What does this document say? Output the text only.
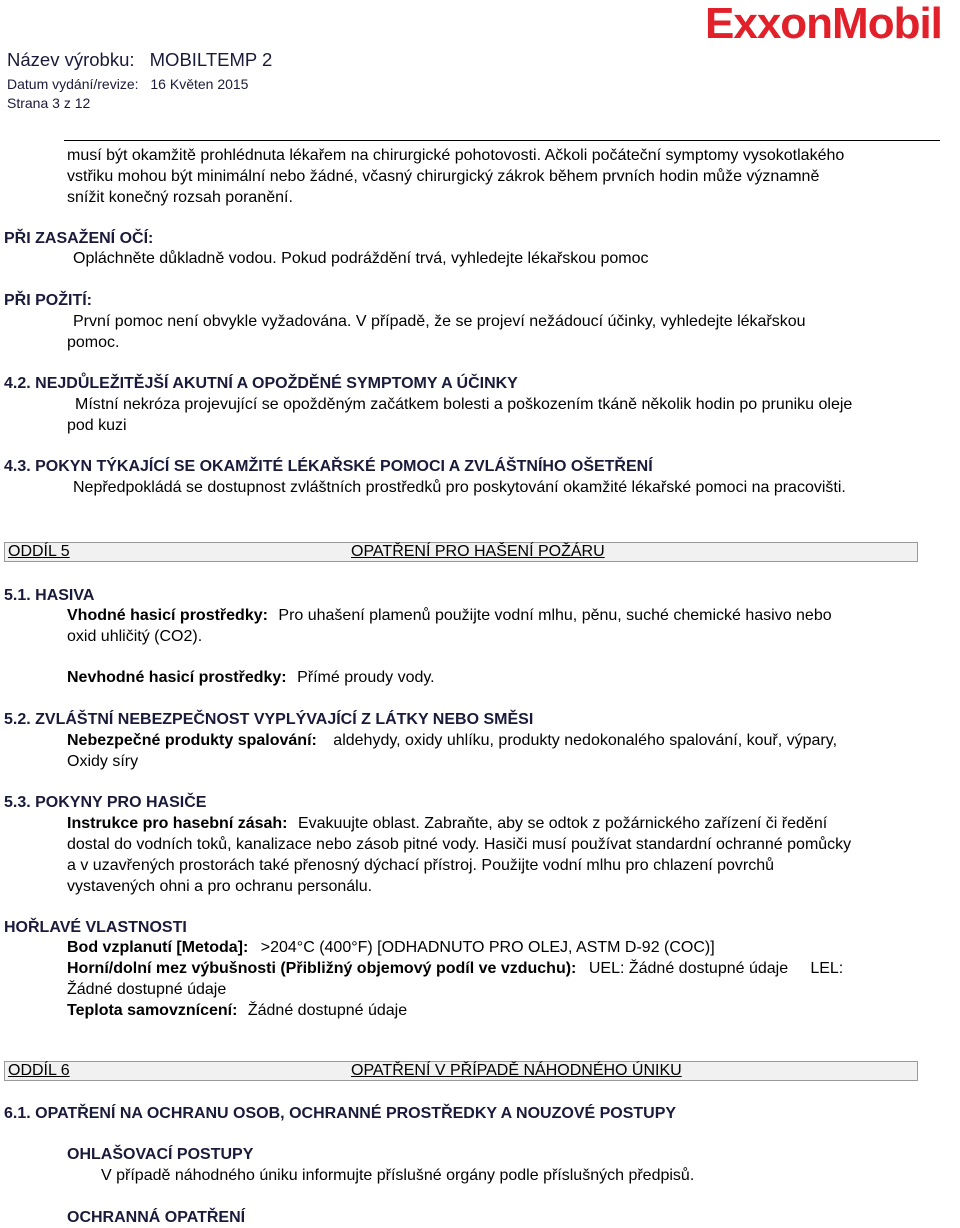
Název výrobku: MOBILTEMP 2
Datum vydání/revize: 16 Květen 2015
Strana 3 z 12
ExxonMobil
musí být okamžitě prohlédnuta lékařem na chirurgické pohotovosti. Ačkoli počáteční symptomy vysokotlakého
vstřiku mohou být minimální nebo žádné, včasný chirurgický zákrok během prvních hodin může významně
snížit konečný rozsah poranění.
PŘI ZASAŽENÍ OČÍ:
Opláchněte důkladně vodou. Pokud podráždění trvá, vyhledejte lékařskou pomoc
PŘI POŽITÍ:
První pomoc není obvykle vyžadována. V případě, že se projeví nežádoucí účinky, vyhledejte lékařskou
pomoc.
4.2. NEJDŮLEŽITĚJŠÍ AKUTNÍ A OPOŽDĚNÉ SYMPTOMY A ÚČINKY
Místní nekróza projevující se opožděným začátkem bolesti a poškozením tkáně několik hodin po pruniku oleje
pod kuzi
4.3. POKYN TÝKAJÍCÍ SE OKAMŽITÉ LÉKAŘSKÉ POMOCI A ZVLÁŠTNÍHO OŠETŘENÍ
Nepředpokládá se dostupnost zvláštních prostředků pro poskytování okamžité lékařské pomoci na pracovišti.
ODDÍL 5	OPATŘENÍ PRO HAŠENÍ POŽÁRU
5.1. HASIVA
Vhodné hasicí prostředky: Pro uhašení plamenů použijte vodní mlhu, pěnu, suché chemické hasivo nebo
oxid uhličitý (CO2).
Nevhodné hasicí prostředky: Přímé proudy vody.
5.2. ZVLÁŠTNÍ NEBEZPEČNOST VYPLÝVAJÍCÍ Z LÁTKY NEBO SMĚSI
Nebezpečné produkty spalování: aldehydy, oxidy uhlíku, produkty nedokonalého spalování, kouř, výpary,
Oxidy síry
5.3. POKYNY PRO HASIČE
Instrukce pro hasební zásah: Evakuujte oblast. Zabraňte, aby se odtok z požárnického zařízení či ředění
dostal do vodních toků, kanalizace nebo zásob pitné vody. Hasiči musí používat standardní ochranné pomůcky
a v uzavřených prostorách také přenosný dýchací přístroj. Použijte vodní mlhu pro chlazení povrchů
vystavených ohni a pro ochranu personálu.
HOŘLAVÉ VLASTNOSTI
Bod vzplanutí [Metoda]: >204°C (400°F) [ODHADNUTO PRO OLEJ, ASTM D-92 (COC)]
Horní/dolní mez výbušnosti (Přibližný objemový podíl ve vzduchu): UEL: Žádné dostupné údaje     LEL:
Žádné dostupné údaje
Teplota samovznícení: Žádné dostupné údaje
ODDÍL 6	OPATŘENÍ V PŘÍPADĚ NÁHODNÉHO ÚNIKU
6.1. OPATŘENÍ NA OCHRANU OSOB, OCHRANNÉ PROSTŘEDKY A NOUZOVÉ POSTUPY
OHLAŠOVACÍ POSTUPY
V případě náhodného úniku informujte příslušné orgány podle příslušných předpisů.
OCHRANNÁ OPATŘENÍ
